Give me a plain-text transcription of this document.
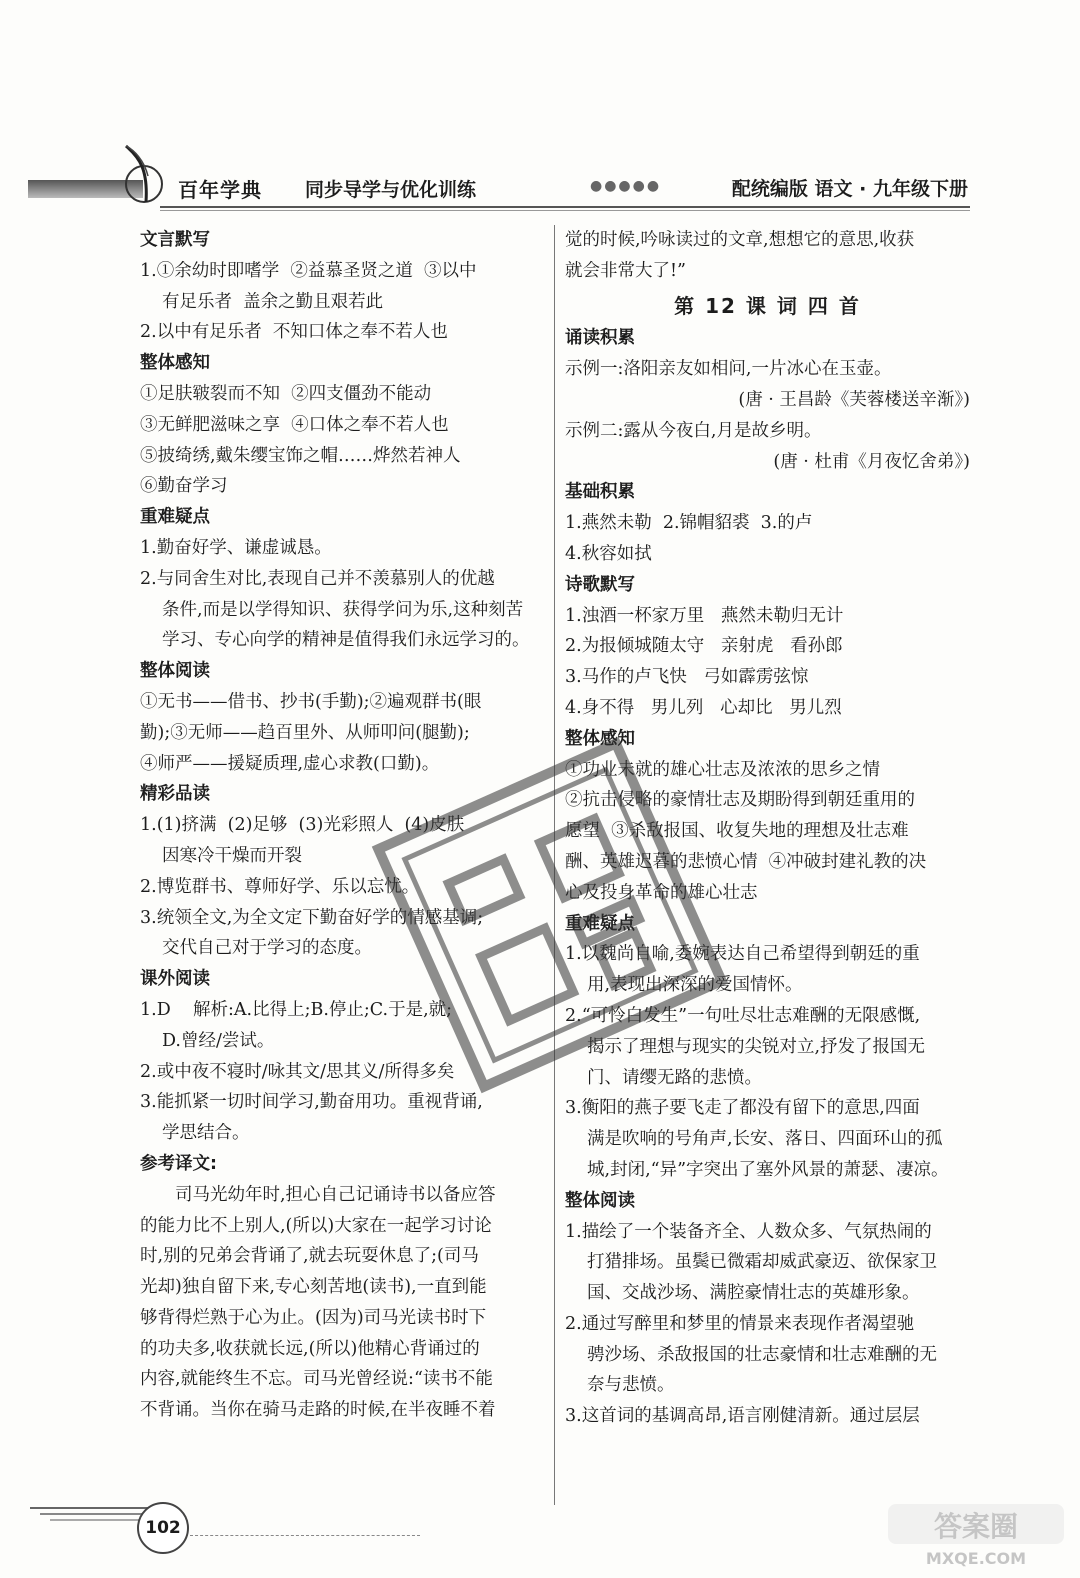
百年学典 同步导学与优化训练	●●●●●	配统编版 语文 · 九年级下册

文言默写

1.①余幼时即嗜学  ②益慕圣贤之道  ③以中

有足乐者  盖余之勤且艰若此

2.以中有足乐者  不知口体之奉不若人也

整体感知

①足肤皲裂而不知  ②四支僵劲不能动

③无鲜肥滋味之享  ④口体之奉不若人也

⑤披绮绣,戴朱缨宝饰之帽……烨然若神人

⑥勤奋学习

重难疑点

1.勤奋好学、谦虚诚恳。

2.与同舍生对比,表现自己并不羡慕别人的优越

条件,而是以学得知识、获得学问为乐,这种刻苦

学习、专心向学的精神是值得我们永远学习的。

整体阅读

①无书——借书、抄书(手勤);②遍观群书(眼

勤);③无师——趋百里外、从师叩问(腿勤);

④师严——援疑质理,虚心求教(口勤)。

精彩品读

1.(1)挤满  (2)足够  (3)光彩照人  (4)皮肤

因寒冷干燥而开裂

2.博览群书、尊师好学、乐以忘忧。

3.统领全文,为全文定下勤奋好学的情感基调;

交代自己对于学习的态度。

课外阅读

1.D    解析:A.比得上;B.停止;C.于是,就;

D.曾经/尝试。

2.或中夜不寝时/咏其文/思其义/所得多矣

3.能抓紧一切时间学习,勤奋用功。重视背诵,

学思结合。

参考译文:

司马光幼年时,担心自己记诵诗书以备应答

的能力比不上别人,(所以)大家在一起学习讨论

时,别的兄弟会背诵了,就去玩耍休息了;(司马

光却)独自留下来,专心刻苦地(读书),一直到能

够背得烂熟于心为止。(因为)司马光读书时下

的功夫多,收获就长远,(所以)他精心背诵过的

内容,就能终生不忘。司马光曾经说:“读书不能

不背诵。当你在骑马走路的时候,在半夜睡不着

觉的时候,吟咏读过的文章,想想它的意思,收获

就会非常大了!”

第 12 课 词 四 首

诵读积累

示例一:洛阳亲友如相问,一片冰心在玉壶。

(唐 · 王昌龄《芙蓉楼送辛渐》)

示例二:露从今夜白,月是故乡明。

(唐 · 杜甫《月夜忆舍弟》)

基础积累

1.燕然未勒  2.锦帽貂裘  3.的卢

4.秋容如拭

诗歌默写

1.浊酒一杯家万里   燕然未勒归无计

2.为报倾城随太守   亲射虎   看孙郎

3.马作的卢飞快   弓如霹雳弦惊

4.身不得   男儿列   心却比   男儿烈

整体感知

①功业未就的雄心壮志及浓浓的思乡之情

②抗击侵略的豪情壮志及期盼得到朝廷重用的

愿望  ③杀敌报国、收复失地的理想及壮志难

酬、英雄迟暮的悲愤心情  ④冲破封建礼教的决

心及投身革命的雄心壮志

重难疑点

1.以魏尚自喻,委婉表达自己希望得到朝廷的重

用,表现出深深的爱国情怀。

2.“可怜白发生”一句吐尽壮志难酬的无限感慨,

揭示了理想与现实的尖锐对立,抒发了报国无

门、请缨无路的悲愤。

3.衡阳的燕子要飞走了都没有留下的意思,四面

满是吹响的号角声,长安、落日、四面环山的孤

城,封闭,“异”字突出了塞外风景的萧瑟、凄凉。

整体阅读

1.描绘了一个装备齐全、人数众多、气氛热闹的

打猎排场。虽鬓已微霜却威武豪迈、欲保家卫

国、交战沙场、满腔豪情壮志的英雄形象。

2.通过写醉里和梦里的情景来表现作者渴望驰

骋沙场、杀敌报国的壮志豪情和壮志难酬的无

奈与悲愤。

3.这首词的基调高昂,语言刚健清新。通过层层

102	答案圈
MXQE.COM
